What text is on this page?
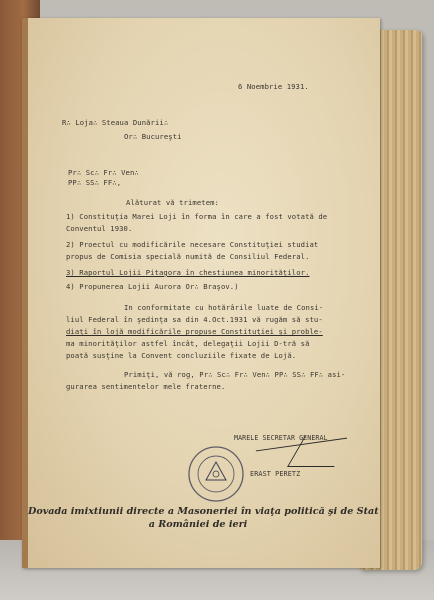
6 Noembrie 1931.
R∴ Loja∴ Steaua Dunării∴
Or∴ Bucureşti
Pr∴ Sc∴ Fr∴ Ven∴
PP∴ SS∴ FF∴,
Alăturat vă trimetem:
1) Constituţia Marei Loji în forma în care a fost votată de
Conventul 1930.
2) Proectul cu modificările necesare Constituţiei studiat
propus de Comisia specială numită de Consiliul Federal.
3) Raportul Lojii Pitagora în chestiunea minorităţilor.
4) Propunerea Lojii Aurora Or∴ Braşov.)
In conformitate cu hotărârile luate de Consi-
liul Federal în şedinţa sa din 4.Oct.1931 vă rugăm să stu-
diaţi în lojă modificările propuse Constituţiei şi proble-
ma minorităţilor astfel încât, delegaţii Lojii D-tră să
poată susţine la Convent concluziile fixate de Lojă.
Primiţi, vă rog, Pr∴ Sc∴ Fr∴ Ven∴ PP∴ SS∴ FF∴ asi-
gurarea sentimentelor mele fraterne.
MARELE SECRETAR GENERAL
ERAST PERETZ
Dovada imixtiunii directe a Masoneriei în viaţa politică şi de Stat
a României de ieri
